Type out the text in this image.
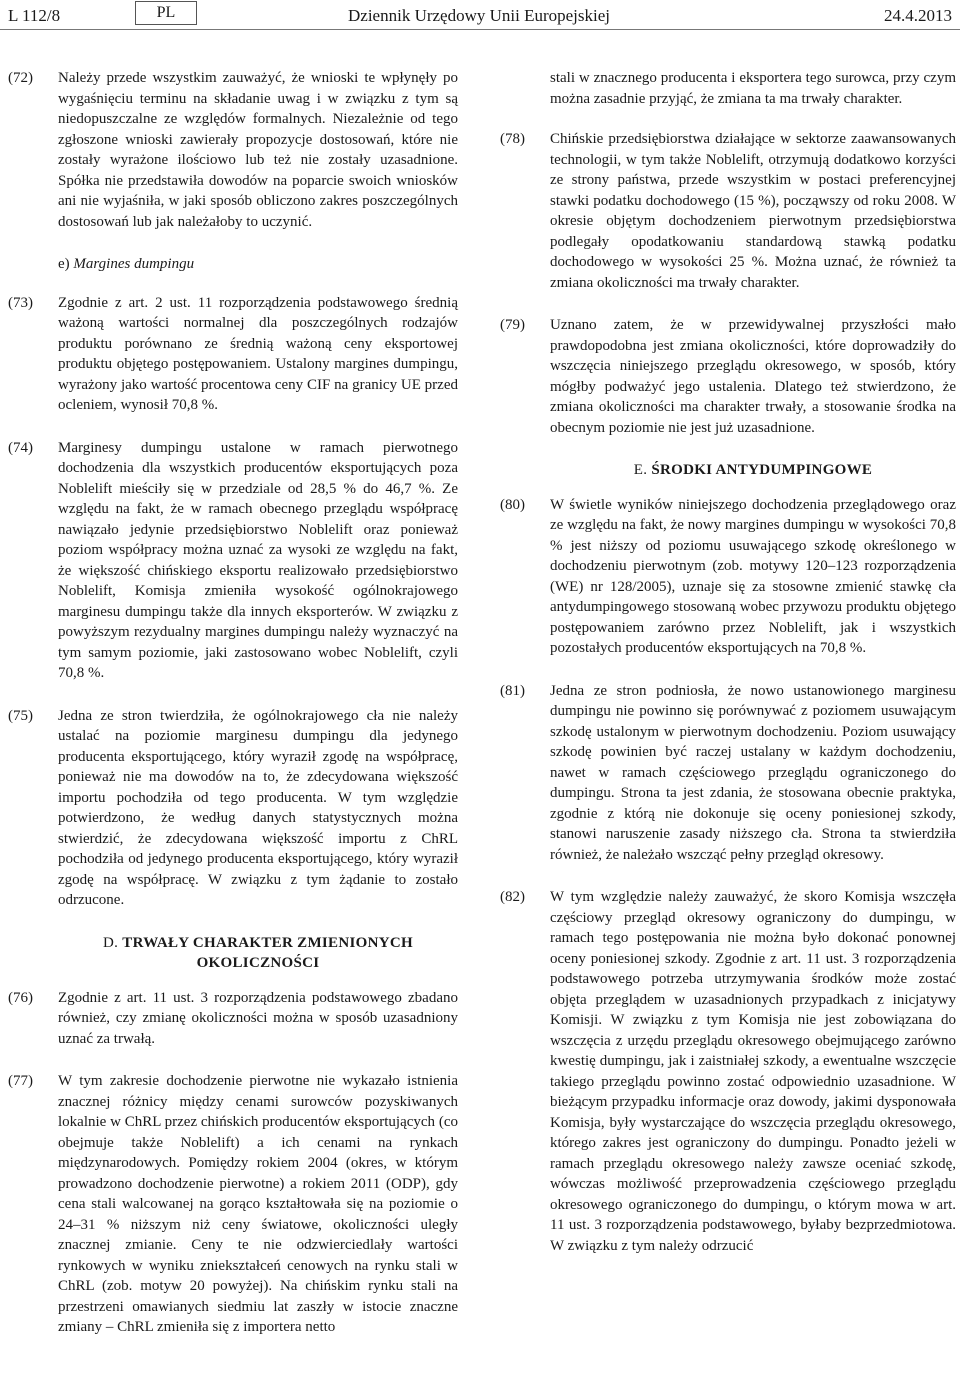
L 112/8	PL	Dziennik Urzędowy Unii Europejskiej	24.4.2013
(72) Należy przede wszystkim zauważyć, że wnioski te wpłynęły po wygaśnięciu terminu na składanie uwag i w związku z tym są niedopuszczalne ze względów formalnych. Niezależnie od tego zgłoszone wnioski zawierały propozycje dostosowań, które nie zostały wyrażone ilościowo lub też nie zostały uzasadnione. Spółka nie przedstawiła dowodów na poparcie swoich wniosków ani nie wyjaśniła, w jaki sposób obliczono zakres poszczególnych dostosowań lub jak należałoby to uczynić.

e) Margines dumpingu
(73) Zgodnie z art. 2 ust. 11 rozporządzenia podstawowego średnią ważoną wartości normalnej dla poszczególnych rodzajów produktu porównano ze średnią ważoną ceny eksportowej produktu objętego postępowaniem. Ustalony margines dumpingu, wyrażony jako wartość procentowa ceny CIF na granicy UE przed ocleniem, wynosił 70,8 %.

(74) Marginesy dumpingu ustalone w ramach pierwotnego dochodzenia dla wszystkich producentów eksportujących poza Noblelift mieściły się w przedziale od 28,5 % do 46,7 %. Ze względu na fakt, że w ramach obecnego przeglądu współpracę nawiązało jedynie przedsiębiorstwo Noblelift oraz ponieważ poziom współpracy można uznać za wysoki ze względu na fakt, że większość chińskiego eksportu realizowało przedsiębiorstwo Noblelift, Komisja zmieniła wysokość ogólnokrajowego marginesu dumpingu także dla innych eksporterów. W związku z powyższym rezydualny margines dumpingu należy wyznaczyć na tym samym poziomie, jaki zastosowano wobec Noblelift, czyli 70,8 %.

(75) Jedna ze stron twierdziła, że ogólnokrajowego cła nie należy ustalać na poziomie marginesu dumpingu dla jedynego producenta eksportującego, który wyraził zgodę na współpracę, ponieważ nie ma dowodów na to, że zdecydowana większość importu pochodziła od tego producenta. W tym względzie potwierdzono, że według danych statystycznych można stwierdzić, że zdecydowana większość importu z ChRL pochodziła od jedynego producenta eksportującego, który wyraził zgodę na współpracę. W związku z tym żądanie to zostało odrzucone.

D. TRWAŁY CHARAKTER ZMIENIONYCH OKOLICZNOŚCI
(76) Zgodnie z art. 11 ust. 3 rozporządzenia podstawowego zbadano również, czy zmianę okoliczności można w sposób uzasadniony uznać za trwałą.

(77) W tym zakresie dochodzenie pierwotne nie wykazało istnienia znacznej różnicy między cenami surowców pozyskiwanych lokalnie w ChRL przez chińskich producentów eksportujących (co obejmuje także Noblelift) a ich cenami na rynkach międzynarodowych. Pomiędzy rokiem 2004 (okres, w którym prowadzono dochodzenie pierwotne) a rokiem 2011 (ODP), gdy cena stali walcowanej na gorąco kształtowała się na poziomie o 24–31 % niższym niż ceny światowe, okoliczności uległy znacznej zmianie. Ceny te nie odzwierciedlały wartości rynkowych w wyniku zniekształceń cenowych na rynku stali w ChRL (zob. motyw 20 powyżej). Na chińskim rynku stali na przestrzeni omawianych siedmiu lat zaszły w istocie znaczne zmiany – ChRL zmieniła się z importera netto

stali w znacznego producenta i eksportera tego surowca, przy czym można zasadnie przyjąć, że zmiana ta ma trwały charakter.

(78) Chińskie przedsiębiorstwa działające w sektorze zaawansowanych technologii, w tym także Noblelift, otrzymują dodatkowo korzyści ze strony państwa, przede wszystkim w postaci preferencyjnej stawki podatku dochodowego (15 %), począwszy od roku 2008. W okresie objętym dochodzeniem pierwotnym przedsiębiorstwa podlegały opodatkowaniu standardową stawką podatku dochodowego w wysokości 25 %. Można uznać, że również ta zmiana okoliczności ma trwały charakter.

(79) Uznano zatem, że w przewidywalnej przyszłości mało prawdopodobna jest zmiana okoliczności, które doprowadziły do wszczęcia niniejszego przeglądu okresowego, w sposób, który mógłby podważyć jego ustalenia. Dlatego też stwierdzono, że zmiana okoliczności ma charakter trwały, a stosowanie środka na obecnym poziomie nie jest już uzasadnione.

E. ŚRODKI ANTYDUMPINGOWE
(80) W świetle wyników niniejszego dochodzenia przeglądowego oraz ze względu na fakt, że nowy margines dumpingu w wysokości 70,8 % jest niższy od poziomu usuwającego szkodę określonego w dochodzeniu pierwotnym (zob. motywy 120–123 rozporządzenia (WE) nr 128/2005), uznaje się za stosowne zmienić stawkę cła antydumpingowego stosowaną wobec przywozu produktu objętego postępowaniem zarówno przez Noblelift, jak i wszystkich pozostałych producentów eksportujących na 70,8 %.

(81) Jedna ze stron podniosła, że nowo ustanowionego marginesu dumpingu nie powinno się porównywać z poziomem usuwającym szkodę ustalonym w pierwotnym dochodzeniu. Poziom usuwający szkodę powinien być raczej ustalany w każdym dochodzeniu, nawet w ramach częściowego przeglądu ograniczonego do dumpingu. Strona ta jest zdania, że stosowana obecnie praktyka, zgodnie z którą nie dokonuje się oceny poniesionej szkody, stanowi naruszenie zasady niższego cła. Strona ta stwierdziła również, że należało wszcząć pełny przegląd okresowy.

(82) W tym względzie należy zauważyć, że skoro Komisja wszczęła częściowy przegląd okresowy ograniczony do dumpingu, w ramach tego postępowania nie można było dokonać ponownej oceny poniesionej szkody. Zgodnie z art. 11 ust. 3 rozporządzenia podstawowego potrzeba utrzymywania środków może zostać objęta przeglądem w uzasadnionych przypadkach z inicjatywy Komisji. W związku z tym Komisja nie jest zobowiązana do wszczęcia z urzędu przeglądu okresowego obejmującego zarówno kwestię dumpingu, jak i zaistniałej szkody, a ewentualne wszczęcie takiego przeglądu powinno zostać odpowiednio uzasadnione. W bieżącym przypadku informacje oraz dowody, jakimi dysponowała Komisja, były wystarczające do wszczęcia przeglądu okresowego, którego zakres jest ograniczony do dumpingu. Ponadto jeżeli w ramach przeglądu okresowego należy zawsze oceniać szkodę, wówczas możliwość przeprowadzenia częściowego przeglądu okresowego ograniczonego do dumpingu, o którym mowa w art. 11 ust. 3 rozporządzenia podstawowego, byłaby bezprzedmiotowa. W związku z tym należy odrzucić
